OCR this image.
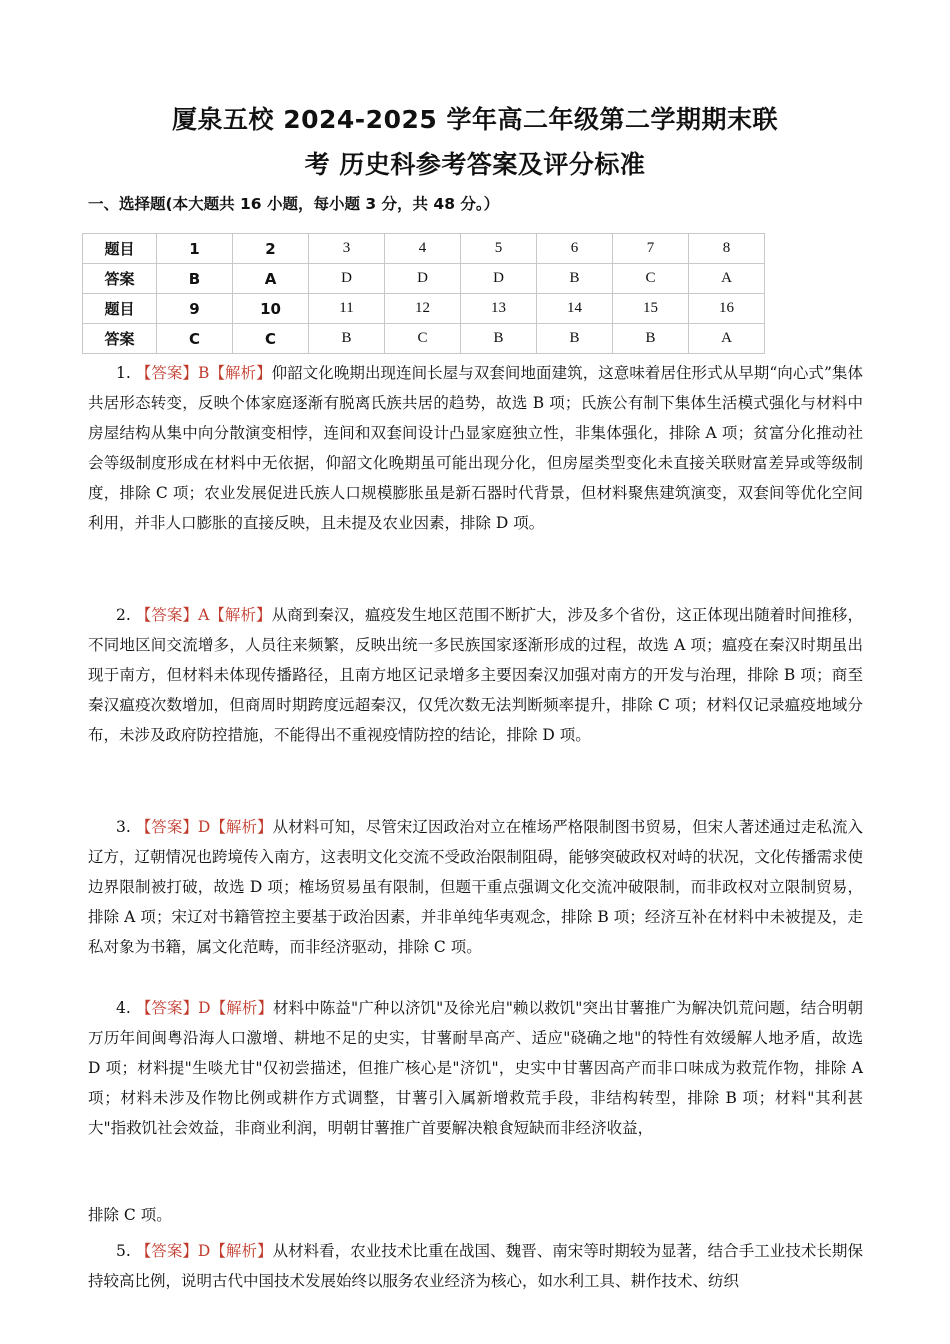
厦泉五校 2024-2025 学年高二年级第二学期期末联
考 历史科参考答案及评分标准
一、选择题(本大题共 16 小题，每小题 3 分，共 48 分。）
题目	1	2	3	4	5	6	7	8
答案	B	A	D	D	D	B	C	A
题目	9	10	11	12	13	14	15	16
答案	C	C	B	C	B	B	B	A
1. 【答案】B【解析】仰韶文化晚期出现连间长屋与双套间地面建筑，这意味着居住形式从早期“向心式”集体共居形态转变，反映个体家庭逐渐有脱离氏族共居的趋势，故选 B 项；氏族公有制下集体生活模式强化与材料中房屋结构从集中向分散演变相悖，连间和双套间设计凸显家庭独立性，非集体强化，排除 A 项；贫富分化推动社会等级制度形成在材料中无依据，仰韶文化晚期虽可能出现分化，但房屋类型变化未直接关联财富差异或等级制度，排除 C 项；农业发展促进氏族人口规模膨胀虽是新石器时代背景，但材料聚焦建筑演变，双套间等优化空间利用，并非人口膨胀的直接反映，且未提及农业因素，排除 D 项。
2. 【答案】A【解析】从商到秦汉，瘟疫发生地区范围不断扩大，涉及多个省份，这正体现出随着时间推移，不同地区间交流增多，人员往来频繁，反映出统一多民族国家逐渐形成的过程，故选 A 项；瘟疫在秦汉时期虽出现于南方，但材料未体现传播路径，且南方地区记录增多主要因秦汉加强对南方的开发与治理，排除 B 项；商至秦汉瘟疫次数增加，但商周时期跨度远超秦汉，仅凭次数无法判断频率提升，排除 C 项；材料仅记录瘟疫地域分布，未涉及政府防控措施，不能得出不重视疫情防控的结论，排除 D 项。
3. 【答案】D【解析】从材料可知，尽管宋辽因政治对立在榷场严格限制图书贸易，但宋人著述通过走私流入辽方，辽朝情况也跨境传入南方，这表明文化交流不受政治限制阻碍，能够突破政权对峙的状况，文化传播需求使边界限制被打破，故选 D 项；榷场贸易虽有限制，但题干重点强调文化交流冲破限制，而非政权对立限制贸易，排除 A 项；宋辽对书籍管控主要基于政治因素，并非单纯华夷观念，排除 B 项；经济互补在材料中未被提及，走私对象为书籍，属文化范畴，而非经济驱动，排除 C 项。
4. 【答案】D【解析】材料中陈益"广种以济饥"及徐光启"赖以救饥"突出甘薯推广为解决饥荒问题，结合明朝万历年间闽粤沿海人口激增、耕地不足的史实，甘薯耐旱高产、适应"硗确之地"的特性有效缓解人地矛盾，故选 D 项；材料提"生啖尤甘"仅初尝描述，但推广核心是"济饥"，史实中甘薯因高产而非口味成为救荒作物，排除 A 项；材料未涉及作物比例或耕作方式调整，甘薯引入属新增救荒手段，非结构转型，排除 B 项；材料"其利甚大"指救饥社会效益，非商业利润，明朝甘薯推广首要解决粮食短缺而非经济收益，
排除 C 项。
5. 【答案】D【解析】从材料看，农业技术比重在战国、魏晋、南宋等时期较为显著，结合手工业技术长期保持较高比例，说明古代中国技术发展始终以服务农业经济为核心，如水利工具、耕作技术、纺织
